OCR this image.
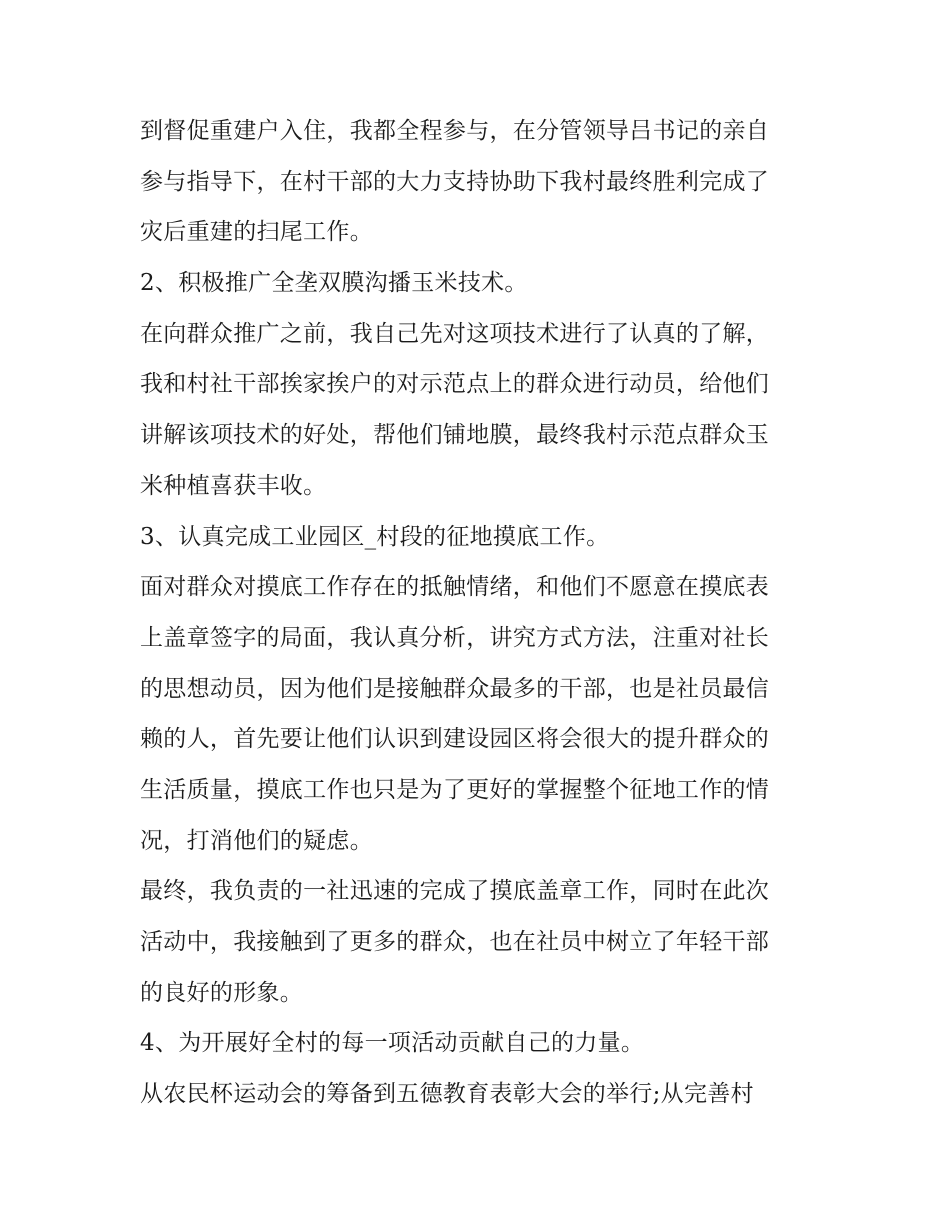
到督促重建户入住，我都全程参与，在分管领导吕书记的亲自
参与指导下，在村干部的大力支持协助下我村最终胜利完成了
灾后重建的扫尾工作。
2、积极推广全垄双膜沟播玉米技术。
在向群众推广之前，我自己先对这项技术进行了认真的了解，
我和村社干部挨家挨户的对示范点上的群众进行动员，给他们
讲解该项技术的好处，帮他们铺地膜，最终我村示范点群众玉
米种植喜获丰收。
3、认真完成工业园区_村段的征地摸底工作。
面对群众对摸底工作存在的抵触情绪，和他们不愿意在摸底表
上盖章签字的局面，我认真分析，讲究方式方法，注重对社长
的思想动员，因为他们是接触群众最多的干部，也是社员最信
赖的人，首先要让他们认识到建设园区将会很大的提升群众的
生活质量，摸底工作也只是为了更好的掌握整个征地工作的情
况，打消他们的疑虑。
最终，我负责的一社迅速的完成了摸底盖章工作，同时在此次
活动中，我接触到了更多的群众，也在社员中树立了年轻干部
的良好的形象。
4、为开展好全村的每一项活动贡献自己的力量。
从农民杯运动会的筹备到五德教育表彰大会的举行;从完善村
